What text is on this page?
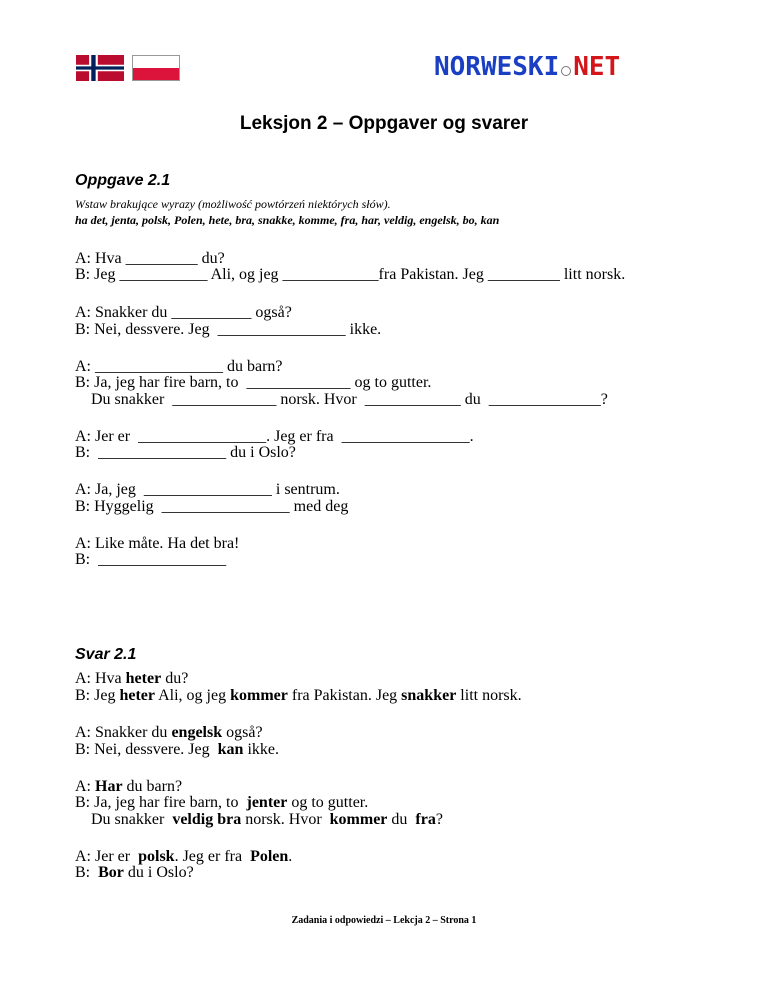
NORWESKI NET
Leksjon 2 – Oppgaver og svarer
Oppgave 2.1
Wstaw brakujące wyrazy (możliwość powtórzeń niektórych słów).
ha det, jenta, polsk, Polen, hete, bra, snakke, komme, fra, har, veldig, engelsk, bo, kan
A: Hva _________ du?
B: Jeg ___________ Ali, og jeg ____________fra Pakistan. Jeg _________ litt norsk.
A: Snakker du __________ også?
B: Nei, dessvere. Jeg  ________________ ikke.
A: ________________ du barn?
B: Ja, jeg har fire barn, to  _____________ og to gutter.
Du snakker  _____________ norsk. Hvor  ____________ du  ______________?
A: Jer er  ________________. Jeg er fra  ________________.
B:  ________________ du i Oslo?
A: Ja, jeg  ________________ i sentrum.
B: Hyggelig  ________________ med deg
A: Like måte. Ha det bra!
B:  ________________
Svar 2.1
A: Hva heter du?
B: Jeg heter Ali, og jeg kommer fra Pakistan. Jeg snakker litt norsk.
A: Snakker du engelsk også?
B: Nei, dessvere. Jeg  kan ikke.
A: Har du barn?
B: Ja, jeg har fire barn, to  jenter og to gutter.
Du snakker  veldig bra norsk. Hvor  kommer du  fra?
A: Jer er  polsk. Jeg er fra  Polen.
B:  Bor du i Oslo?
Zadania i odpowiedzi – Lekcja 2 – Strona 1
